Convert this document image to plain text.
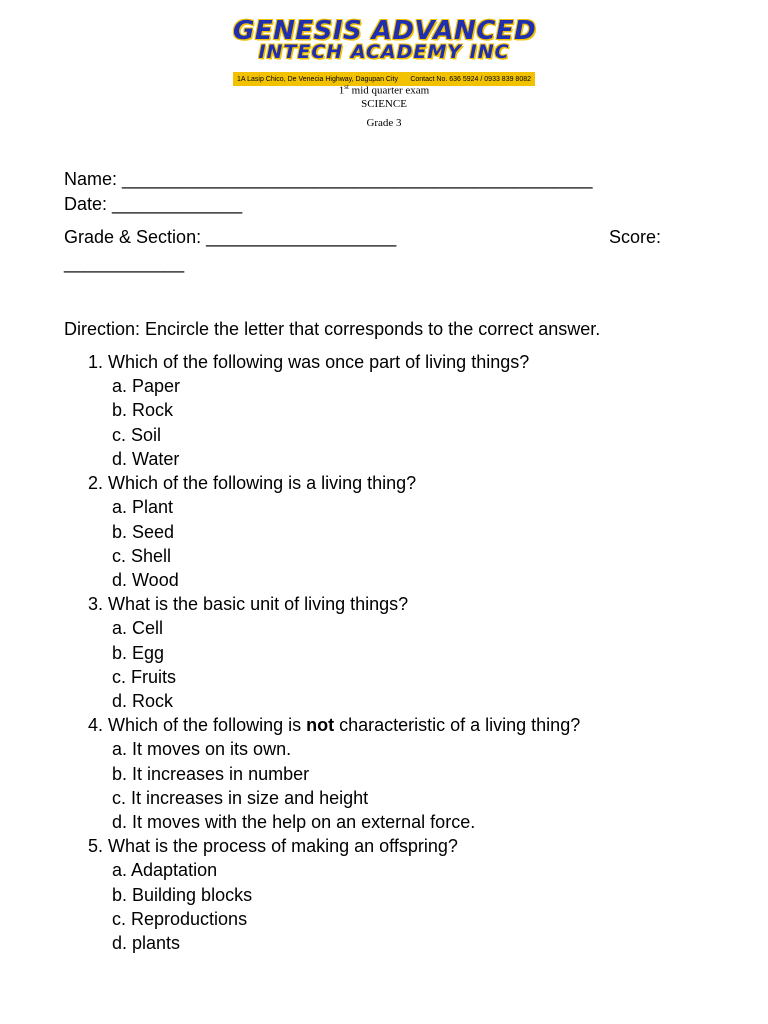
GENESIS ADVANCED
INTECH ACADEMY INC
1A Lasip Chico, De Venecia Highway, Dagupan City Contact No. 636 5924 / 0933 839 8082
1st mid quarter exam
SCIENCE
Grade 3
Name: _______________________________________________
Date: _____________
Grade & Section: ___________________	Score:
____________
Direction: Encircle the letter that corresponds to the correct answer.
1. Which of the following was once part of living things?
a. Paper
b. Rock
c. Soil
d. Water
2. Which of the following is a living thing?
a. Plant
b. Seed
c. Shell
d. Wood
3. What is the basic unit of living things?
a. Cell
b. Egg
c. Fruits
d. Rock
4. Which of the following is not characteristic of a living thing?
a. It moves on its own.
b. It increases in number
c. It increases in size and height
d. It moves with the help on an external force.
5. What is the process of making an offspring?
a. Adaptation
b. Building blocks
c. Reproductions
d. plants
